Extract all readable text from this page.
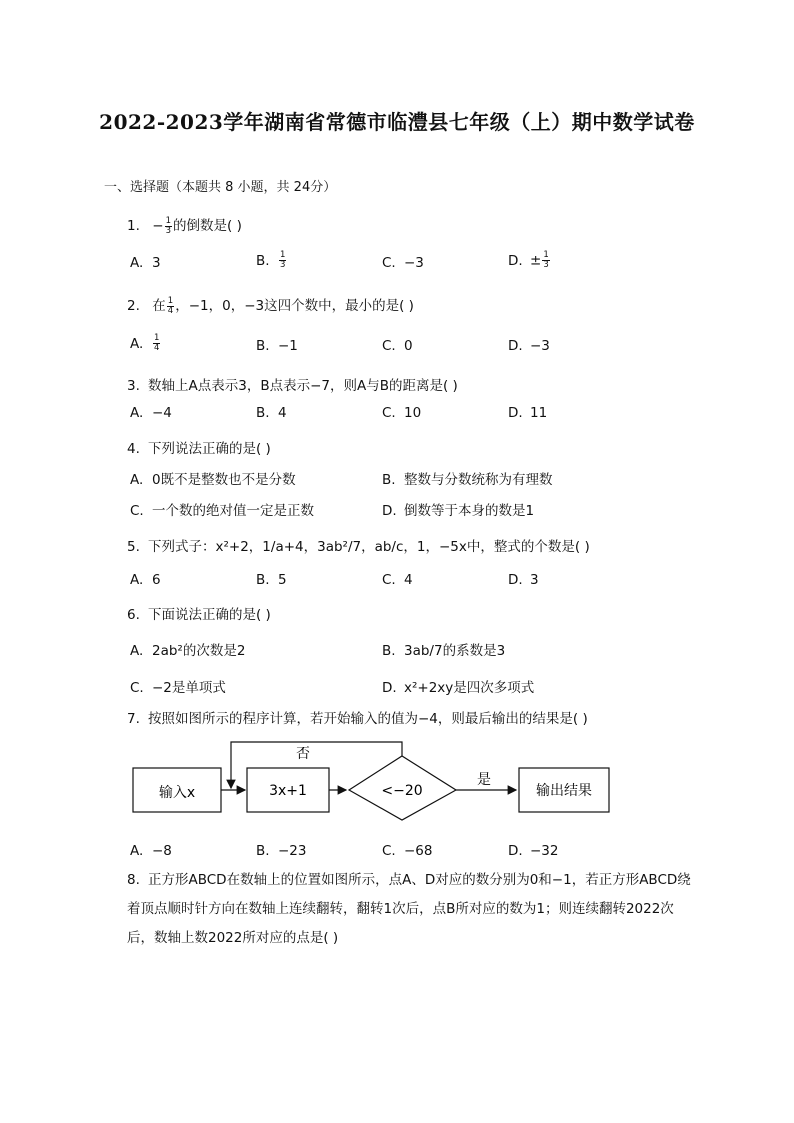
2022-2023学年湖南省常德市临澧县七年级（上）期中数学试卷
一、选择题（本题共 8 小题，共 24分）
1. − $\frac{1}{3}$ 的倒数是( )
A. 3	B. $\frac{1}{3}$	C. −3	D. ± $\frac{1}{3}$
2. 在 $\frac{1}{4}$ ，−1，0，−3这四个数中，最小的是( )
A. $\frac{1}{4}$	B. −1	C. 0	D. −3
3. 数轴上A点表示3，B点表示−7，则A与B的距离是( )
A. −4	B. 4	C. 10	D. 11
4. 下列说法正确的是( )
A. 0既不是整数也不是分数	B. 整数与分数统称为有理数
C. 一个数的绝对值一定是正数	D. 倒数等于本身的数是1
5. 下列式子：x²+2，1/a+4，3ab²/7，ab/c，1，−5x中，整式的个数是( )
A. 6	B. 5	C. 4	D. 3
6. 下面说法正确的是( )
A. 2ab²的次数是2	B. 3ab/7的系数是3
C. −2是单项式	D. x²+2xy是四次多项式
7. 按照如图所示的程序计算，若开始输入的值为−4，则最后输出的结果是( )
输入x	3x+1	<−20
否
是
输出结果
A. −8	B. −23	C. −68	D. −32
8. 正方形ABCD在数轴上的位置如图所示，点A、D对应的数分别为0和−1，若正方形ABCD绕着顶点顺时针方向在数轴上连续翻转，翻转1次后，点B所对应的数为1；则连续翻转2022次后，数轴上数2022所对应的点是( )
